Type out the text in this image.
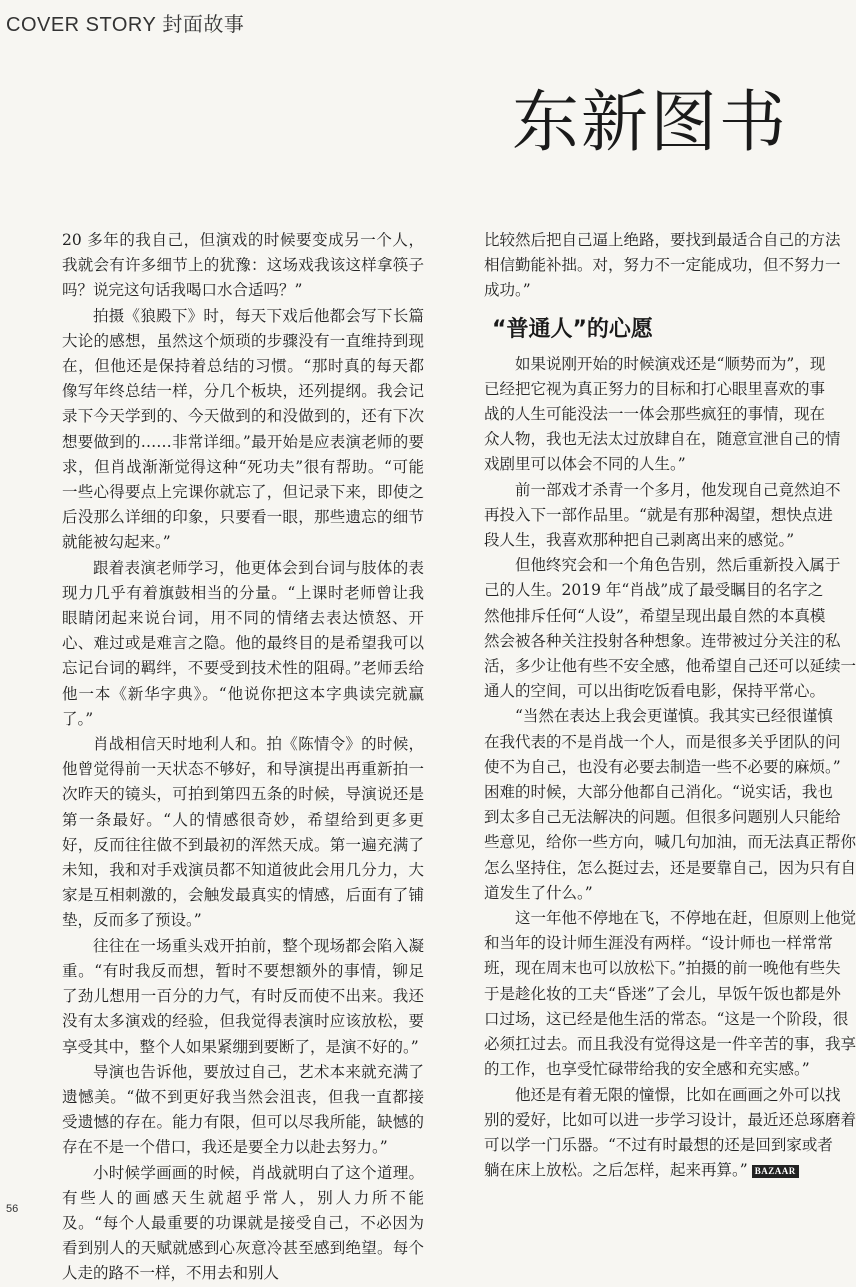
COVER STORY 封面故事
东新图书

20 多年的我自己，但演戏的时候要变成另一个人，我就会有许多细节上的犹豫：这场戏我该这样拿筷子吗？说完这句话我喝口水合适吗？”

拍摄《狼殿下》时，每天下戏后他都会写下长篇大论的感想，虽然这个烦琐的步骤没有一直维持到现在，但他还是保持着总结的习惯。“那时真的每天都像写年终总结一样，分几个板块，还列提纲。我会记录下今天学到的、今天做到的和没做到的，还有下次想要做到的……非常详细。”最开始是应表演老师的要求，但肖战渐渐觉得这种“死功夫”很有帮助。“可能一些心得要点上完课你就忘了，但记录下来，即使之后没那么详细的印象，只要看一眼，那些遗忘的细节就能被勾起来。”

跟着表演老师学习，他更体会到台词与肢体的表现力几乎有着旗鼓相当的分量。“上课时老师曾让我眼睛闭起来说台词，用不同的情绪去表达愤怒、开心、难过或是难言之隐。他的最终目的是希望我可以忘记台词的羁绊，不要受到技术性的阻碍。”老师丢给他一本《新华字典》。“他说你把这本字典读完就赢了。”

肖战相信天时地利人和。拍《陈情令》的时候，他曾觉得前一天状态不够好，和导演提出再重新拍一次昨天的镜头，可拍到第四五条的时候，导演说还是第一条最好。“人的情感很奇妙，希望给到更多更好，反而往往做不到最初的浑然天成。第一遍充满了未知，我和对手戏演员都不知道彼此会用几分力，大家是互相刺激的，会触发最真实的情感，后面有了铺垫，反而多了预设。”

往往在一场重头戏开拍前，整个现场都会陷入凝重。“有时我反而想，暂时不要想额外的事情，铆足了劲儿想用一百分的力气，有时反而使不出来。我还没有太多演戏的经验，但我觉得表演时应该放松，要享受其中，整个人如果紧绷到要断了，是演不好的。”

导演也告诉他，要放过自己，艺术本来就充满了遗憾美。“做不到更好我当然会沮丧，但我一直都接受遗憾的存在。能力有限，但可以尽我所能，缺憾的存在不是一个借口，我还是要全力以赴去努力。”

小时候学画画的时候，肖战就明白了这个道理。有些人的画感天生就超乎常人，别人力所不能及。“每个人最重要的功课就是接受自己，不必因为看到别人的天赋就感到心灰意冷甚至感到绝望。每个人走的路不一样，不用去和别人

比较然后把自己逼上绝路，要找到最适合自己的方法

相信勤能补拙。对，努力不一定能成功，但不努力一

成功。”

“普通人”的心愿

如果说刚开始的时候演戏还是“顺势而为”，现

已经把它视为真正努力的目标和打心眼里喜欢的事

战的人生可能没法一一体会那些疯狂的事情，现在

众人物，我也无法太过放肆自在，随意宣泄自己的情

戏剧里可以体会不同的人生。”

前一部戏才杀青一个多月，他发现自己竟然迫不

再投入下一部作品里。“就是有那种渴望，想快点进

段人生，我喜欢那种把自己剥离出来的感觉。”

但他终究会和一个角色告别，然后重新投入属于

己的人生。2019 年“肖战”成了最受瞩目的名字之

然他排斥任何“人设”，希望呈现出最自然的本真模

然会被各种关注投射各种想象。连带被过分关注的私

活，多少让他有些不安全感，他希望自己还可以延续一

通人的空间，可以出街吃饭看电影，保持平常心。

“当然在表达上我会更谨慎。我其实已经很谨慎

在我代表的不是肖战一个人，而是很多关乎团队的问

使不为自己，也没有必要去制造一些不必要的麻烦。”

困难的时候，大部分他都自己消化。“说实话，我也

到太多自己无法解决的问题。但很多问题别人只能给

些意见，给你一些方向，喊几句加油，而无法真正帮你

怎么坚持住，怎么挺过去，还是要靠自己，因为只有自

道发生了什么。”

这一年他不停地在飞，不停地在赶，但原则上他觉

和当年的设计师生涯没有两样。“设计师也一样常常

班，现在周末也可以放松下。”拍摄的前一晚他有些失

于是趁化妆的工夫“昏迷”了会儿，早饭午饭也都是外

口过场，这已经是他生活的常态。“这是一个阶段，很

必须扛过去。而且我没有觉得这是一件辛苦的事，我享

的工作，也享受忙碌带给我的安全感和充实感。”

他还是有着无限的憧憬，比如在画画之外可以找

别的爱好，比如可以进一步学习设计，最近还总琢磨着

可以学一门乐器。“不过有时最想的还是回到家或者

躺在床上放松。之后怎样，起来再算。” BAZAAR

56
